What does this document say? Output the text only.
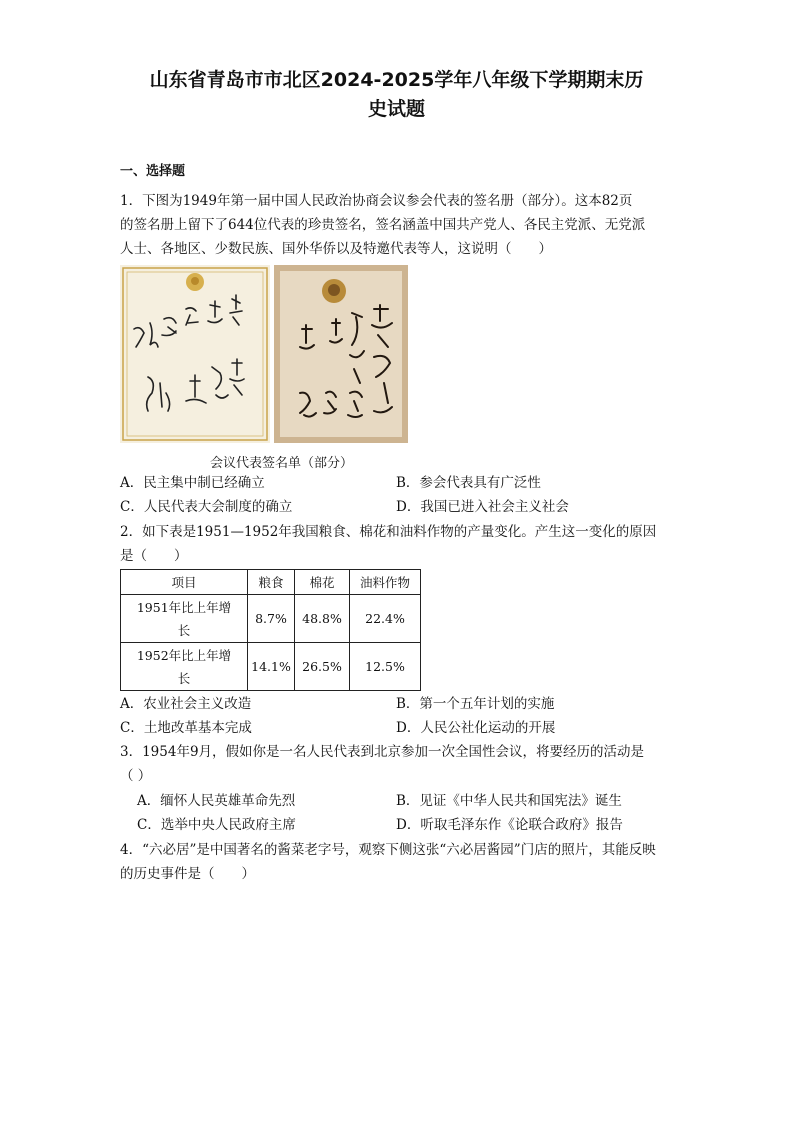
山东省青岛市市北区2024-2025学年八年级下学期期末历
史试题
一、选择题
1．下图为1949年第一届中国人民政治协商会议参会代表的签名册（部分）。这本82页
的签名册上留下了644位代表的珍贵签名，签名涵盖中国共产党人、各民主党派、无党派
人士、各地区、少数民族、国外华侨以及特邀代表等人，这说明（　　）
会议代表签名单（部分）
A．民主集中制已经确立	B．参会代表具有广泛性
C．人民代表大会制度的确立	D．我国已进入社会主义社会
2．如下表是1951—1952年我国粮食、棉花和油料作物的产量变化。产生这一变化的原因
是（　　）
项目	粮食	棉花	油料作物

1951年比上年增
长	8.7%	48.8%	22.4%

1952年比上年增
长	14.1%	26.5%	12.5%
A．农业社会主义改造	B．第一个五年计划的实施
C．土地改革基本完成	D．人民公社化运动的开展
3．1954年9月，假如你是一名人民代表到北京参加一次全国性会议，将要经历的活动是
（ ）
A．缅怀人民英雄革命先烈	B．见证《中华人民共和国宪法》诞生
C．选举中央人民政府主席	D．听取毛泽东作《论联合政府》报告
4．“六必居”是中国著名的酱菜老字号，观察下侧这张“六必居酱园”门店的照片，其能反映
的历史事件是（　　）
